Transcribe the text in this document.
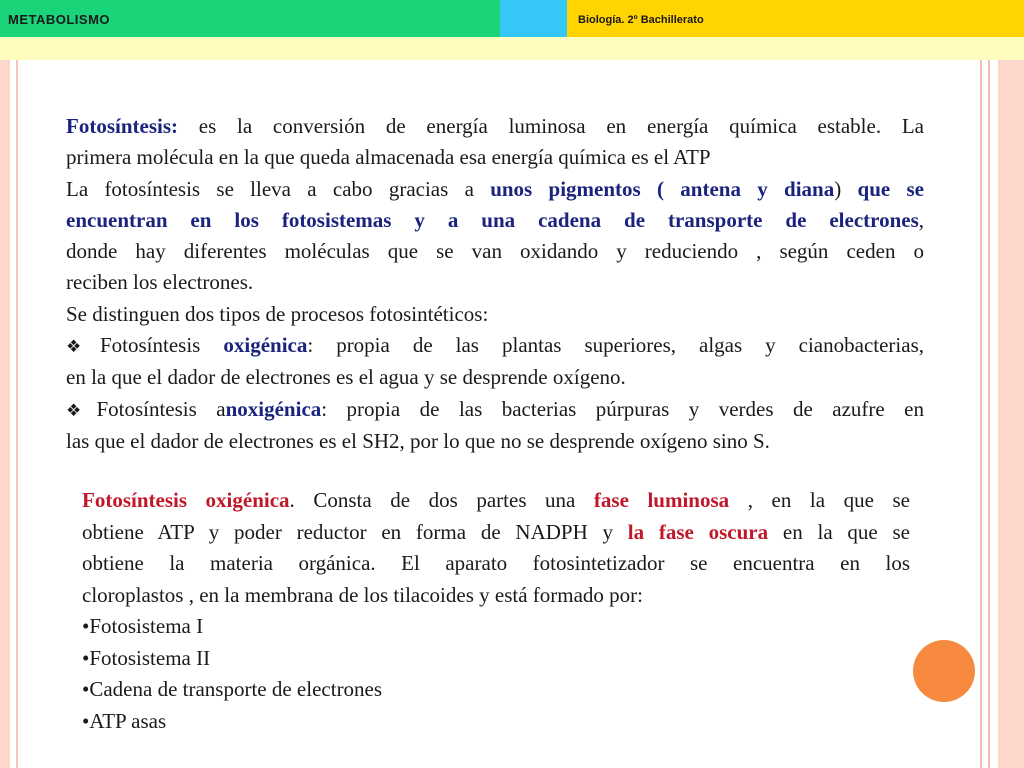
METABOLISMO	Biología. 2º Bachillerato
Fotosíntesis: es la conversión de energía luminosa en energía química estable. La
primera molécula en la que queda almacenada esa energía química es el ATP
La fotosíntesis se lleva a cabo gracias a unos pigmentos ( antena y diana) que se
encuentran en los fotosistemas y a una cadena de transporte de electrones,
donde hay diferentes moléculas que se van oxidando y reduciendo , según ceden o
reciben los electrones.
Se distinguen dos tipos de procesos fotosintéticos:
❖Fotosíntesis oxigénica: propia de las plantas superiores, algas y cianobacterias,
en la que el dador de electrones es el agua y se desprende oxígeno.
❖Fotosíntesis anoxigénica: propia de las bacterias púrpuras y verdes de azufre en
las que el dador de electrones es el SH2, por lo que no se desprende oxígeno sino S.
Fotosíntesis oxigénica. Consta de dos partes una fase luminosa , en la que se
obtiene ATP y poder reductor en forma de NADPH y la fase oscura en la que se
obtiene la materia orgánica. El aparato fotosintetizador se encuentra en los
cloroplastos , en la membrana de los tilacoides y está formado por:
•Fotosistema I
•Fotosistema II
•Cadena de transporte de electrones
•ATP asas
